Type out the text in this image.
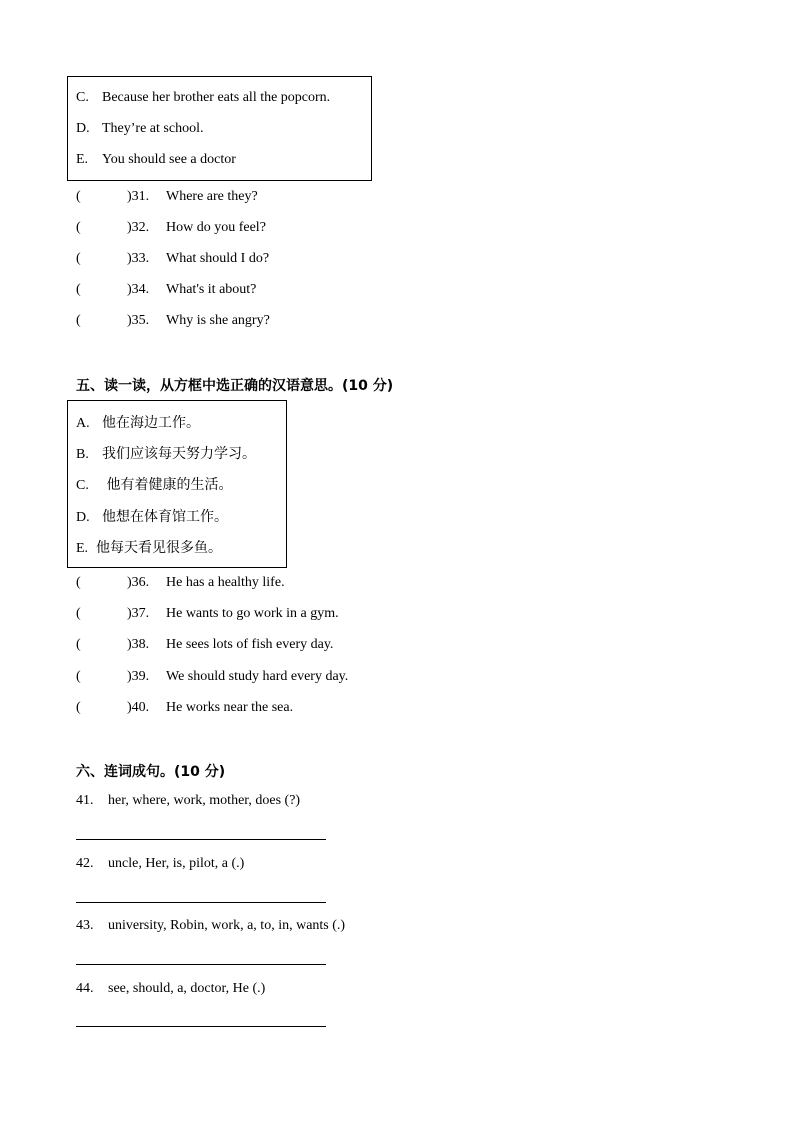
C. Because her brother eats all the popcorn.
D. They’re at school.
E. You should see a doctor
(	)31. Where are they?
(	)32. How do you feel?
(	)33. What should I do?
(	)34. What's it about?
(	)35. Why is she angry?
五、读一读，从方框中选正确的汉语意思。(10 分)
A. 他在海边工作。
B. 我们应该每天努力学习。
C. 他有着健康的生活。
D. 他想在体育馆工作。
E. 他每天看见很多鱼。
(	)36. He has a healthy life.
(	)37. He wants to go work in a gym.
(	)38. He sees lots of fish every day.
(	)39. We should study hard every day.
(	)40. He works near the sea.
六、连词成句。(10 分)
41. her, where, work, mother, does (?)
42. uncle, Her, is, pilot, a (.)
43. university, Robin, work, a, to, in, wants (.)
44. see, should, a, doctor, He (.)
